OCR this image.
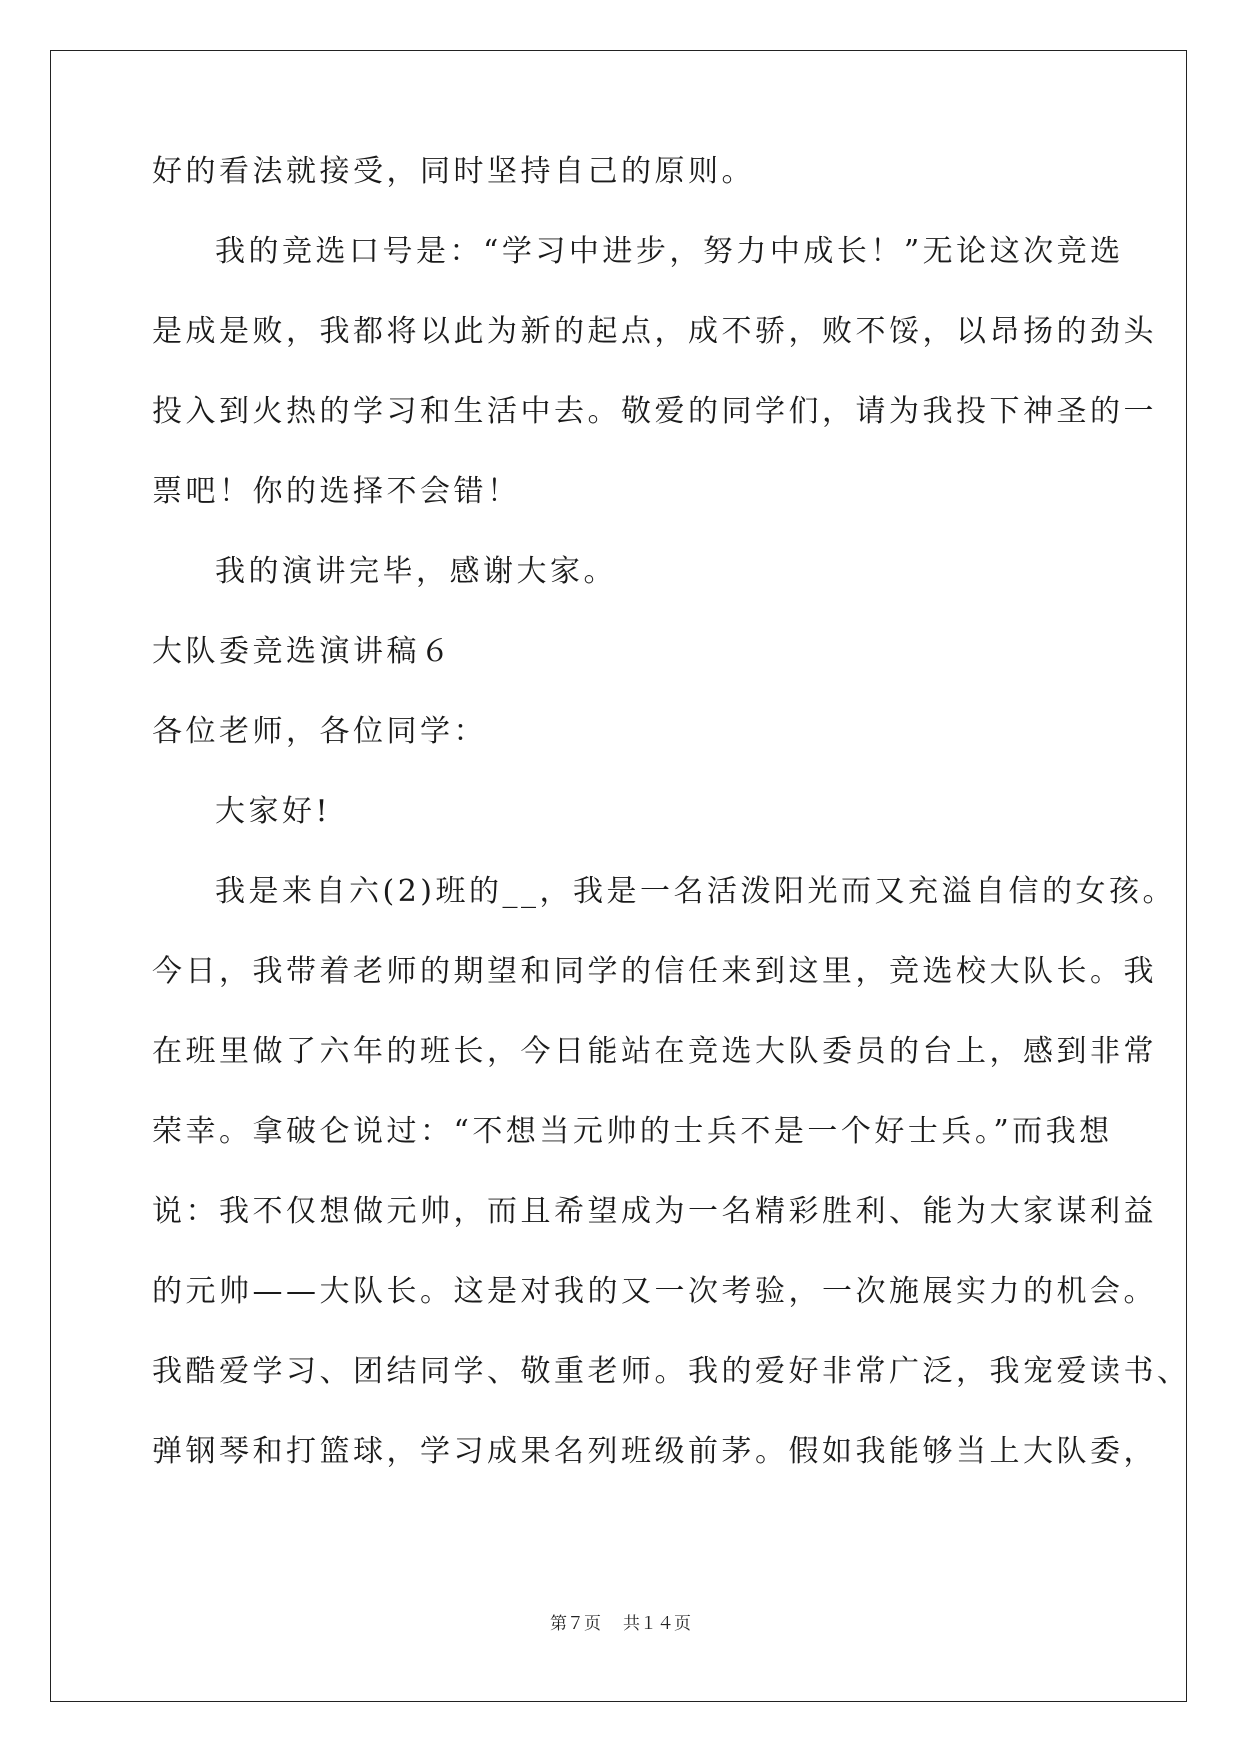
好的看法就接受，同时坚持自己的原则。
我的竞选口号是：“学习中进步，努力中成长！”无论这次竞选
是成是败，我都将以此为新的起点，成不骄，败不馁，以昂扬的劲头
投入到火热的学习和生活中去。敬爱的同学们，请为我投下神圣的一
票吧！你的选择不会错！
我的演讲完毕，感谢大家。
大队委竞选演讲稿６
各位老师，各位同学：
大家好!
我是来自六(2)班的__，我是一名活泼阳光而又充溢自信的女孩。
今日，我带着老师的期望和同学的信任来到这里，竞选校大队长。我
在班里做了六年的班长，今日能站在竞选大队委员的台上，感到非常
荣幸。拿破仑说过：“不想当元帅的士兵不是一个好士兵。”而我想
说：我不仅想做元帅，而且希望成为一名精彩胜利、能为大家谋利益
的元帅——大队长。这是对我的又一次考验，一次施展实力的机会。
我酷爱学习、团结同学、敬重老师。我的爱好非常广泛，我宠爱读书、
弹钢琴和打篮球，学习成果名列班级前茅。假如我能够当上大队委，
第７页 共１４页
